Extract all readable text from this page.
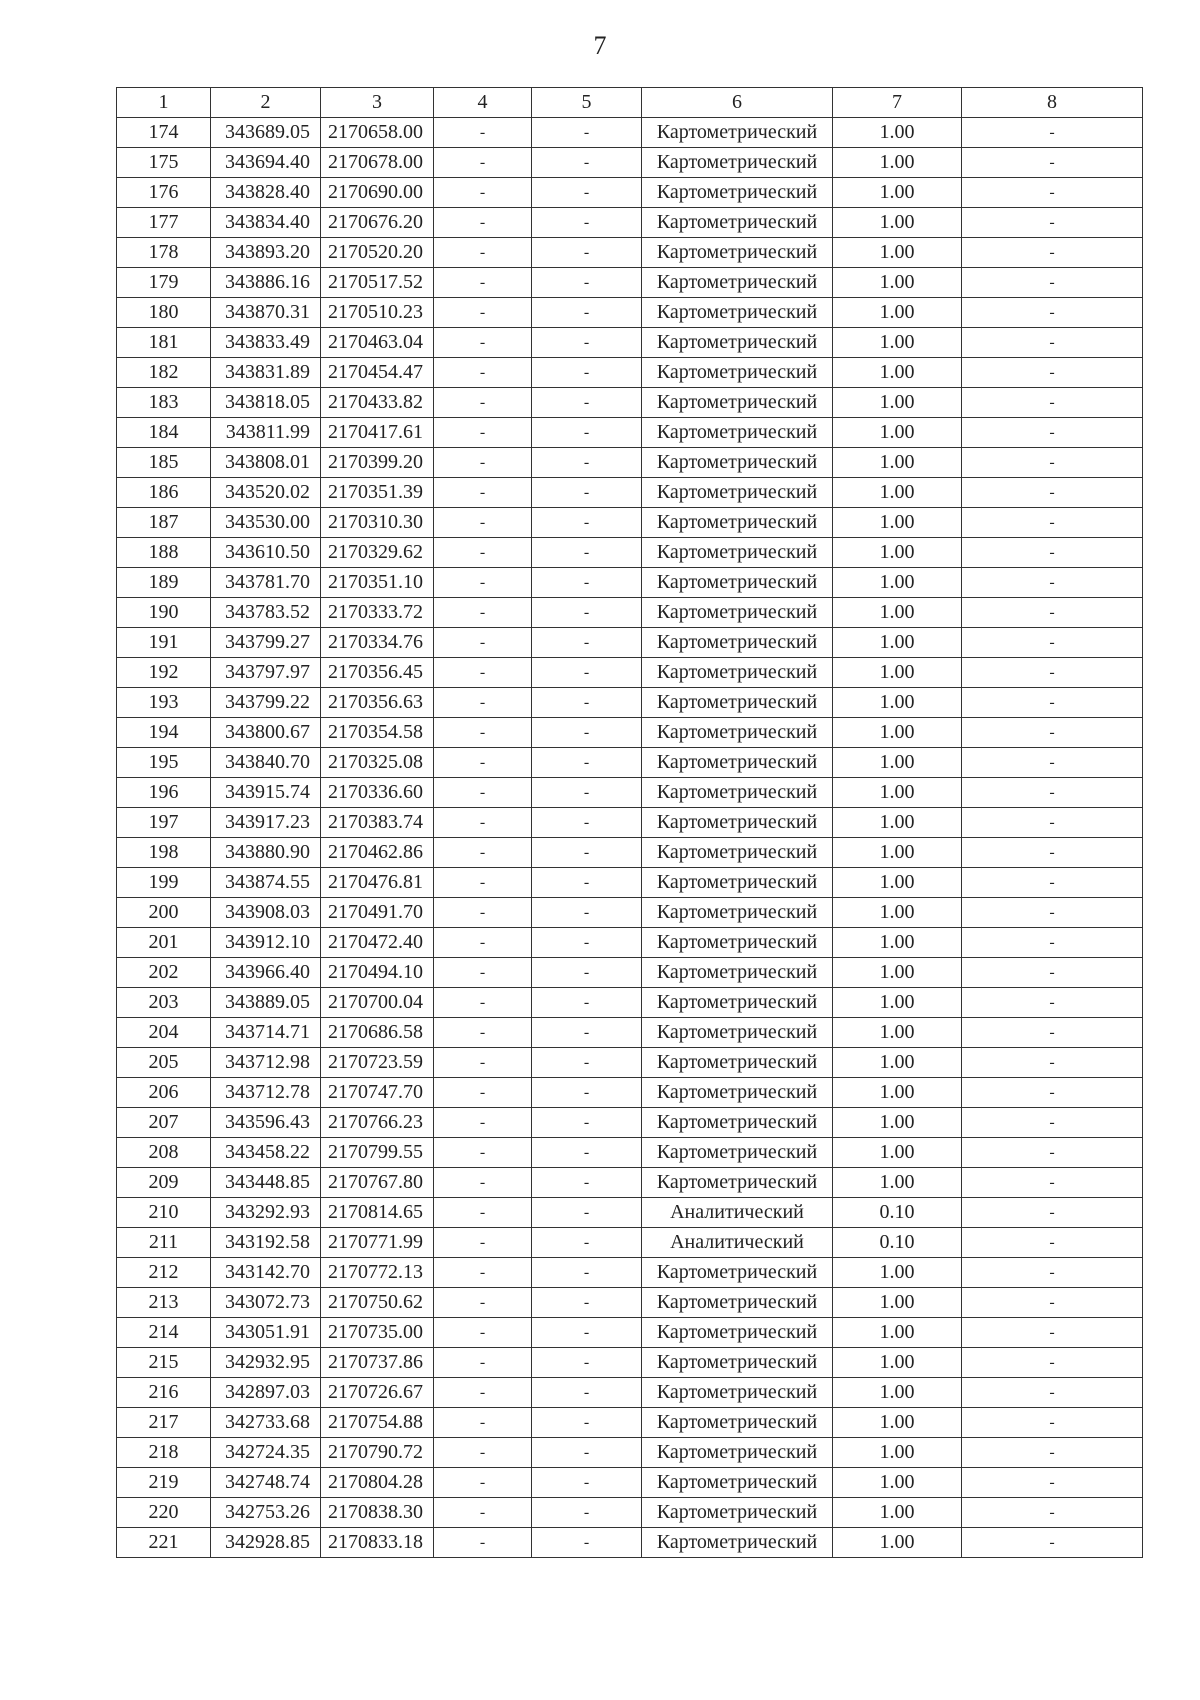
7
1	2	3	4	5	6	7	8
174	343689.05	2170658.00	-	-	Картометрический	1.00	-
175	343694.40	2170678.00	-	-	Картометрический	1.00	-
176	343828.40	2170690.00	-	-	Картометрический	1.00	-
177	343834.40	2170676.20	-	-	Картометрический	1.00	-
178	343893.20	2170520.20	-	-	Картометрический	1.00	-
179	343886.16	2170517.52	-	-	Картометрический	1.00	-
180	343870.31	2170510.23	-	-	Картометрический	1.00	-
181	343833.49	2170463.04	-	-	Картометрический	1.00	-
182	343831.89	2170454.47	-	-	Картометрический	1.00	-
183	343818.05	2170433.82	-	-	Картометрический	1.00	-
184	343811.99	2170417.61	-	-	Картометрический	1.00	-
185	343808.01	2170399.20	-	-	Картометрический	1.00	-
186	343520.02	2170351.39	-	-	Картометрический	1.00	-
187	343530.00	2170310.30	-	-	Картометрический	1.00	-
188	343610.50	2170329.62	-	-	Картометрический	1.00	-
189	343781.70	2170351.10	-	-	Картометрический	1.00	-
190	343783.52	2170333.72	-	-	Картометрический	1.00	-
191	343799.27	2170334.76	-	-	Картометрический	1.00	-
192	343797.97	2170356.45	-	-	Картометрический	1.00	-
193	343799.22	2170356.63	-	-	Картометрический	1.00	-
194	343800.67	2170354.58	-	-	Картометрический	1.00	-
195	343840.70	2170325.08	-	-	Картометрический	1.00	-
196	343915.74	2170336.60	-	-	Картометрический	1.00	-
197	343917.23	2170383.74	-	-	Картометрический	1.00	-
198	343880.90	2170462.86	-	-	Картометрический	1.00	-
199	343874.55	2170476.81	-	-	Картометрический	1.00	-
200	343908.03	2170491.70	-	-	Картометрический	1.00	-
201	343912.10	2170472.40	-	-	Картометрический	1.00	-
202	343966.40	2170494.10	-	-	Картометрический	1.00	-
203	343889.05	2170700.04	-	-	Картометрический	1.00	-
204	343714.71	2170686.58	-	-	Картометрический	1.00	-
205	343712.98	2170723.59	-	-	Картометрический	1.00	-
206	343712.78	2170747.70	-	-	Картометрический	1.00	-
207	343596.43	2170766.23	-	-	Картометрический	1.00	-
208	343458.22	2170799.55	-	-	Картометрический	1.00	-
209	343448.85	2170767.80	-	-	Картометрический	1.00	-
210	343292.93	2170814.65	-	-	Аналитический	0.10	-
211	343192.58	2170771.99	-	-	Аналитический	0.10	-
212	343142.70	2170772.13	-	-	Картометрический	1.00	-
213	343072.73	2170750.62	-	-	Картометрический	1.00	-
214	343051.91	2170735.00	-	-	Картометрический	1.00	-
215	342932.95	2170737.86	-	-	Картометрический	1.00	-
216	342897.03	2170726.67	-	-	Картометрический	1.00	-
217	342733.68	2170754.88	-	-	Картометрический	1.00	-
218	342724.35	2170790.72	-	-	Картометрический	1.00	-
219	342748.74	2170804.28	-	-	Картометрический	1.00	-
220	342753.26	2170838.30	-	-	Картометрический	1.00	-
221	342928.85	2170833.18	-	-	Картометрический	1.00	-
